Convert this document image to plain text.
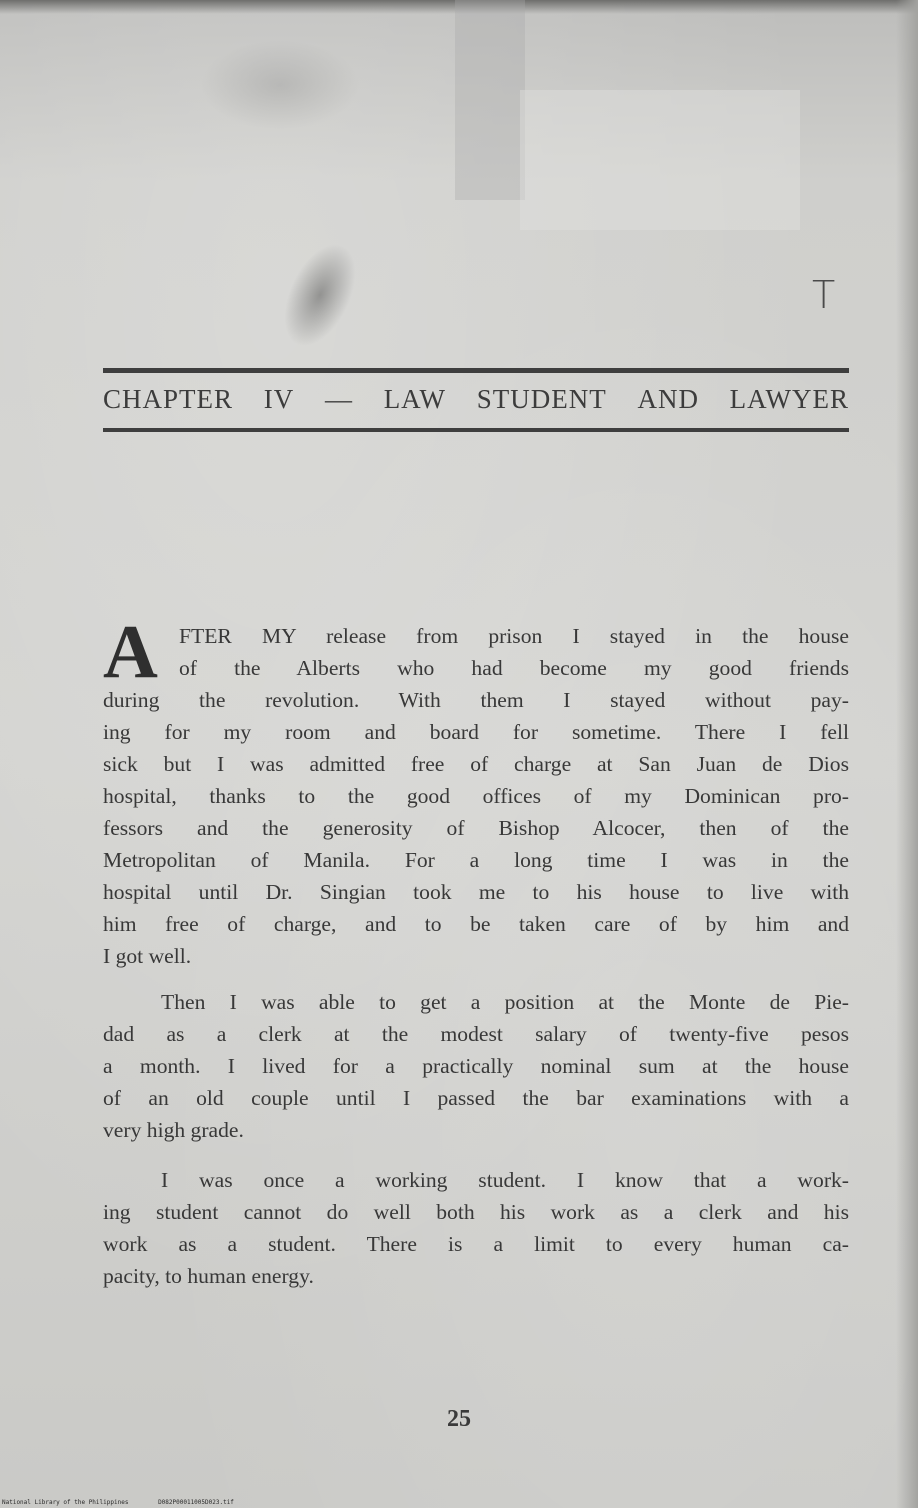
T
CHAPTER IV — LAW STUDENT AND LAWYER
A FTER MY release from prison I stayed in the house
of the Alberts who had become my good friends
during the revolution. With them I stayed without pay-
ing for my room and board for sometime. There I fell
sick but I was admitted free of charge at San Juan de Dios
hospital, thanks to the good offices of my Dominican pro-
fessors and the generosity of Bishop Alcocer, then of the
Metropolitan of Manila. For a long time I was in the
hospital until Dr. Singian took me to his house to live with
him free of charge, and to be taken care of by him and
I got well.
Then I was able to get a position at the Monte de Pie-
dad as a clerk at the modest salary of twenty-five pesos
a month. I lived for a practically nominal sum at the house
of an old couple until I passed the bar examinations with a
very high grade.
I was once a working student. I know that a work-
ing student cannot do well both his work as a clerk and his
work as a student. There is a limit to every human ca-
pacity, to human energy.
25
National Library of the Philippines	D082P00011005D023.tif
